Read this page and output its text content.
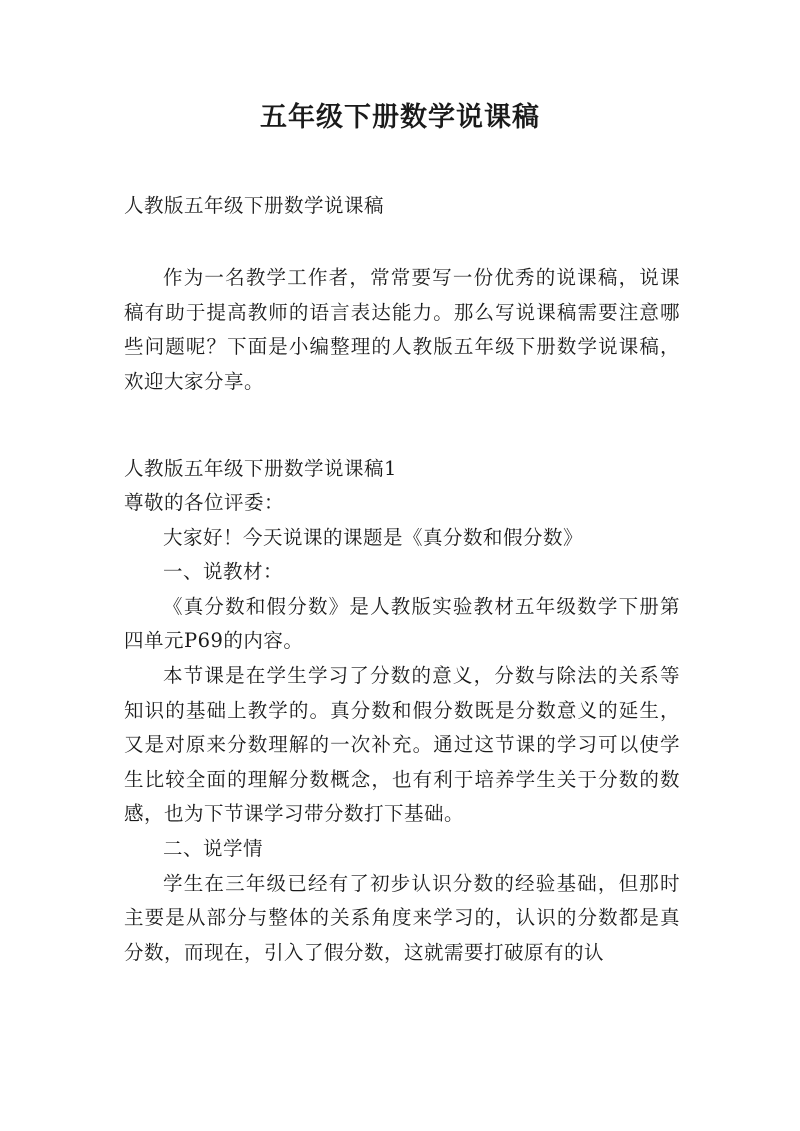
五年级下册数学说课稿

人教版五年级下册数学说课稿

作为一名教学工作者，常常要写一份优秀的说课稿，说课稿有助于提高教师的语言表达能力。那么写说课稿需要注意哪些问题呢？下面是小编整理的人教版五年级下册数学说课稿，欢迎大家分享。

人教版五年级下册数学说课稿1

尊敬的各位评委：

大家好！今天说课的课题是《真分数和假分数》

一、说教材：

《真分数和假分数》是人教版实验教材五年级数学下册第四单元P69的内容。

本节课是在学生学习了分数的意义，分数与除法的关系等知识的基础上教学的。真分数和假分数既是分数意义的延生，又是对原来分数理解的一次补充。通过这节课的学习可以使学生比较全面的理解分数概念，也有利于培养学生关于分数的数感，也为下节课学习带分数打下基础。

二、说学情

学生在三年级已经有了初步认识分数的经验基础，但那时主要是从部分与整体的关系角度来学习的，认识的分数都是真分数，而现在，引入了假分数，这就需要打破原有的认
